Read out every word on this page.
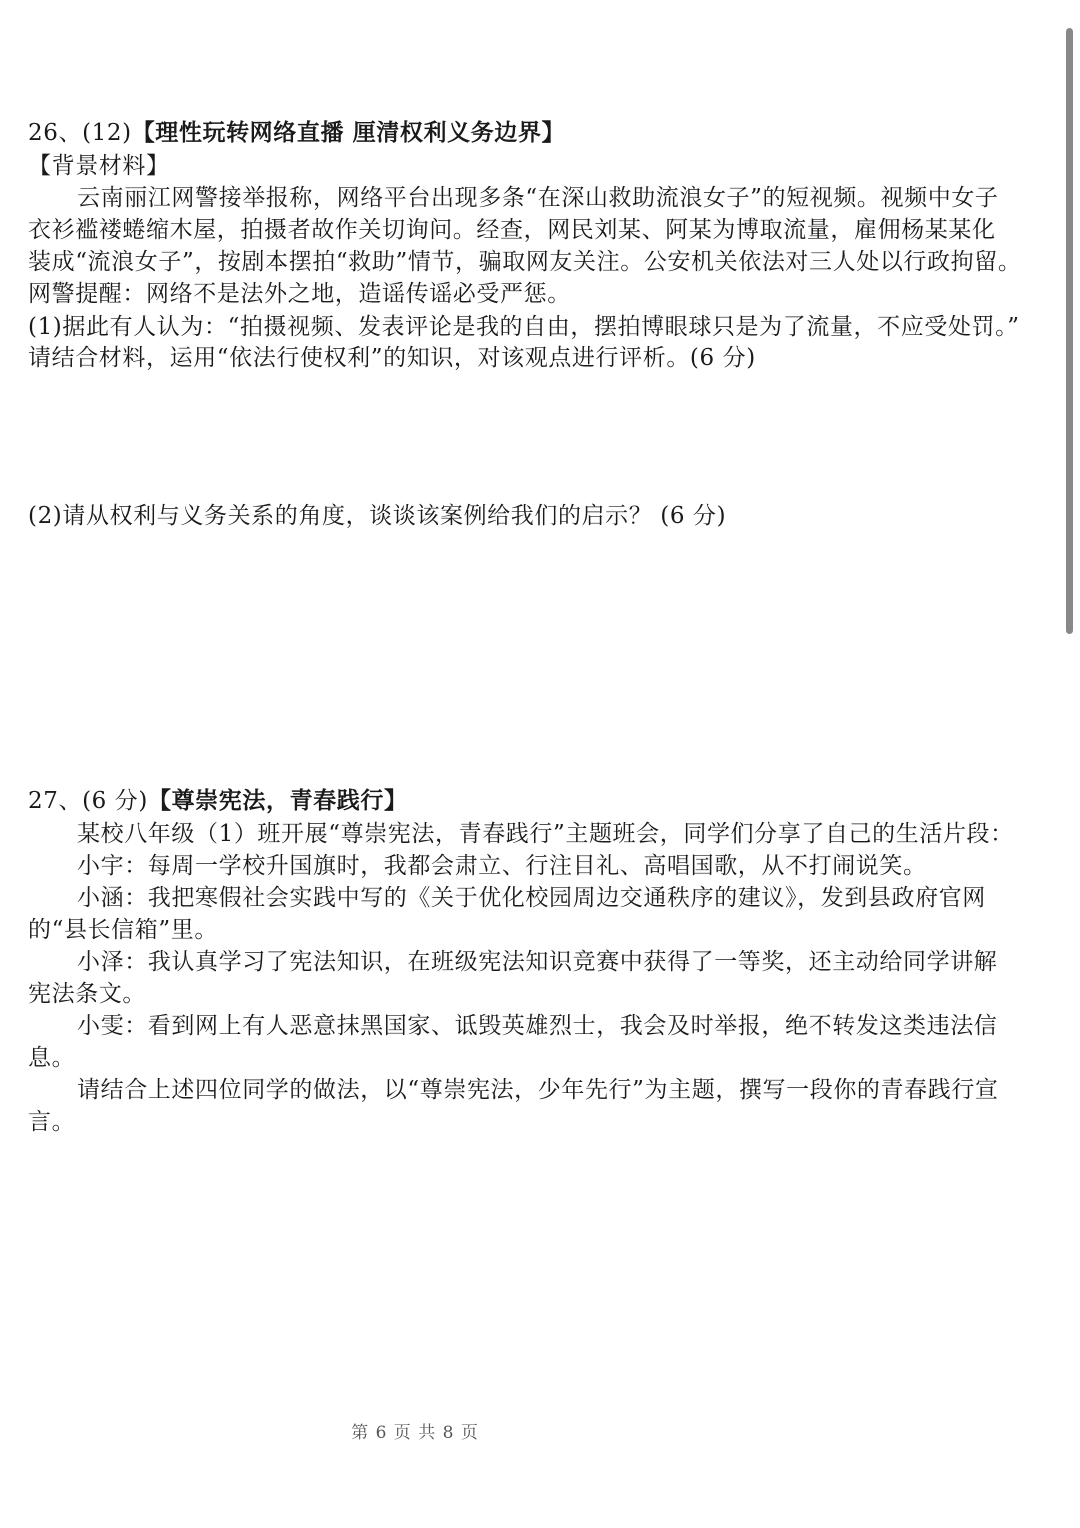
26、(12)【理性玩转网络直播 厘清权利义务边界】
【背景材料】
云南丽江网警接举报称，网络平台出现多条“在深山救助流浪女子”的短视频。视频中女子
衣衫褴褛蜷缩木屋，拍摄者故作关切询问。经查，网民刘某、阿某为博取流量，雇佣杨某某化
装成“流浪女子”，按剧本摆拍“救助”情节，骗取网友关注。公安机关依法对三人处以行政拘留。
网警提醒：网络不是法外之地，造谣传谣必受严惩。
(1)据此有人认为：“拍摄视频、发表评论是我的自由，摆拍博眼球只是为了流量，不应受处罚。”
请结合材料，运用“依法行使权利”的知识，对该观点进行评析。(6 分)
(2)请从权利与义务关系的角度，谈谈该案例给我们的启示？ (6 分)
27、(6 分)【尊崇宪法，青春践行】
某校八年级（1）班开展“尊崇宪法，青春践行”主题班会，同学们分享了自己的生活片段：
小宇：每周一学校升国旗时，我都会肃立、行注目礼、高唱国歌，从不打闹说笑。
小涵：我把寒假社会实践中写的《关于优化校园周边交通秩序的建议》，发到县政府官网
的“县长信箱”里。
小泽：我认真学习了宪法知识，在班级宪法知识竞赛中获得了一等奖，还主动给同学讲解
宪法条文。
小雯：看到网上有人恶意抹黑国家、诋毁英雄烈士，我会及时举报，绝不转发这类违法信
息。
请结合上述四位同学的做法，以“尊崇宪法，少年先行”为主题，撰写一段你的青春践行宣
言。
第 6 页 共 8 页
